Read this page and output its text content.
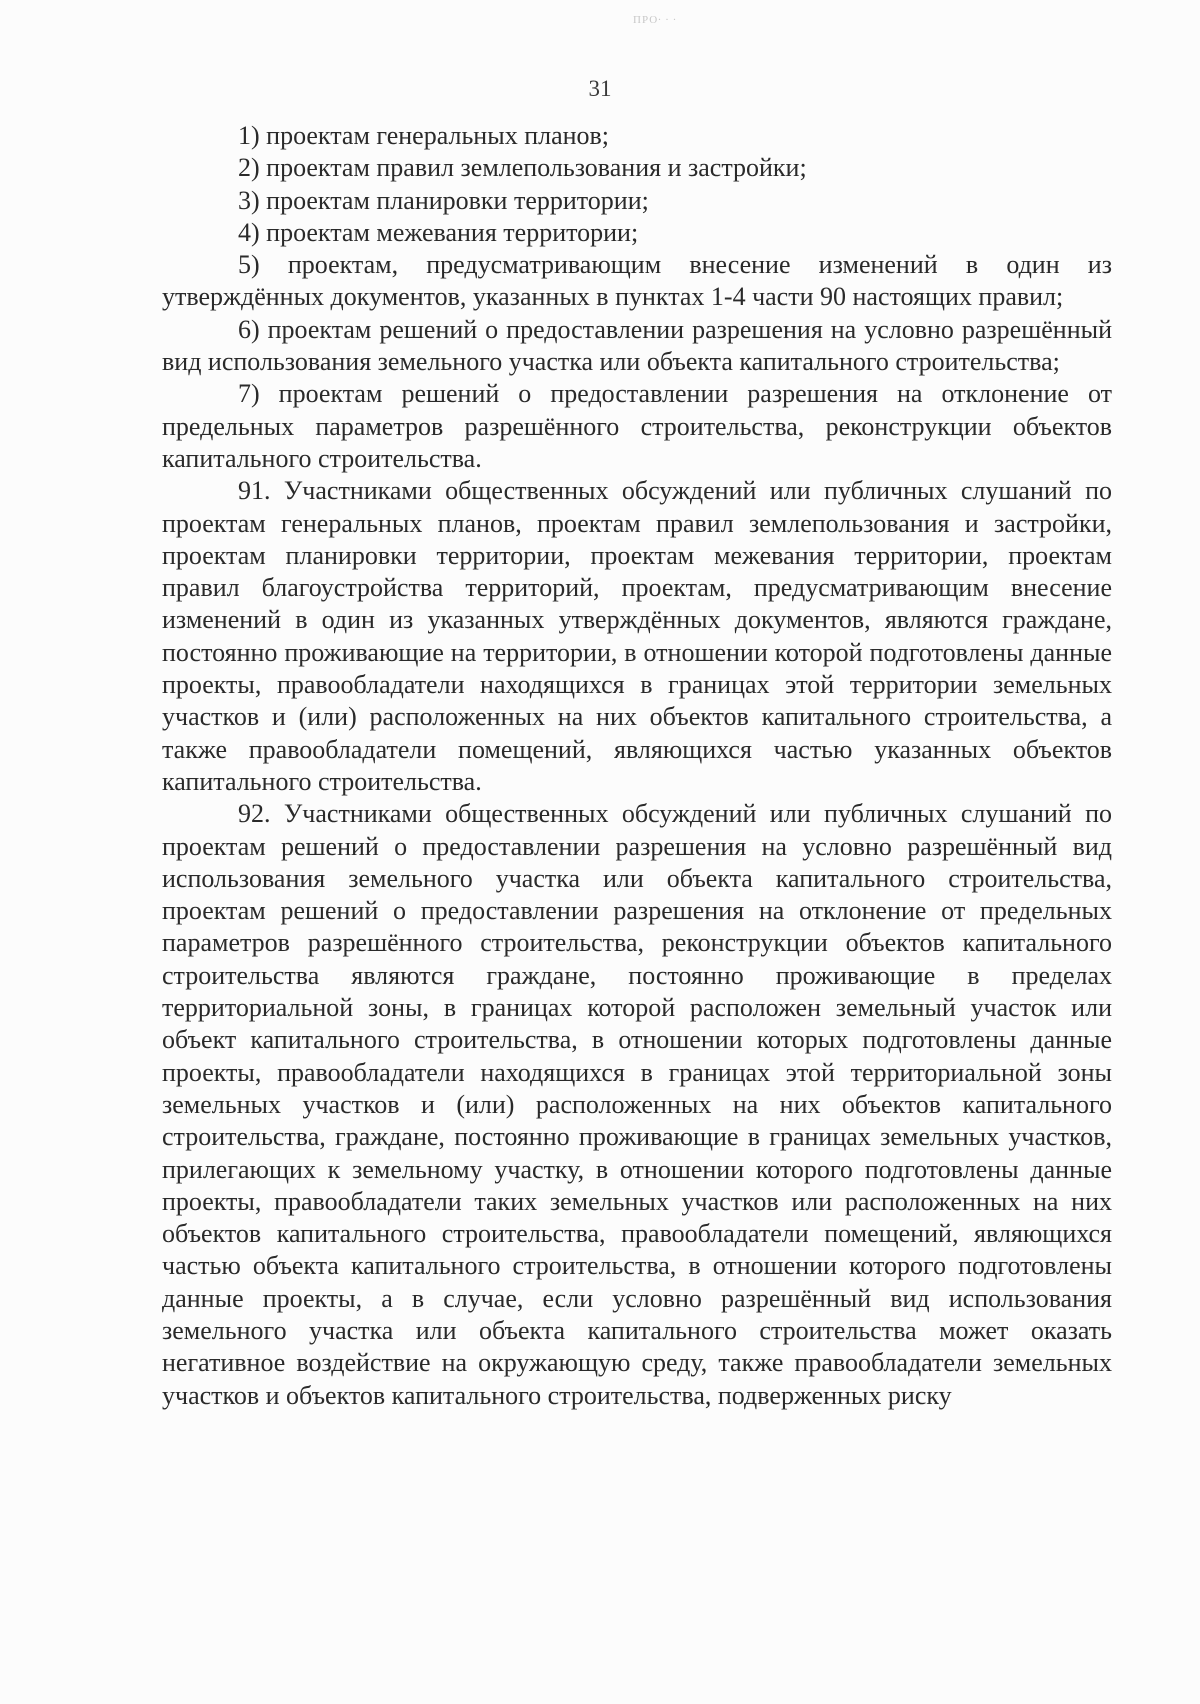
ПРО∙ ∙ ∙
31

1) проектам генеральных планов;

2) проектам правил землепользования и застройки;

3) проектам планировки территории;

4) проектам межевания территории;

5) проектам, предусматривающим внесение изменений в один из утверждённых документов, указанных в пунктах 1-4 части 90 настоящих правил;

6) проектам решений о предоставлении разрешения на условно разрешённый вид использования земельного участка или объекта капитального строительства;

7) проектам решений о предоставлении разрешения на отклонение от предельных параметров разрешённого строительства, реконструкции объектов капитального строительства.

91. Участниками общественных обсуждений или публичных слушаний по проектам генеральных планов, проектам правил землепользования и застройки, проектам планировки территории, проектам межевания территории, проектам правил благоустройства территорий, проектам, предусматривающим внесение изменений в один из указанных утверждённых документов, являются граждане, постоянно проживающие на территории, в отношении которой подготовлены данные проекты, правообладатели находящихся в границах этой территории земельных участков и (или) расположенных на них объектов капитального строительства, а также правообладатели помещений, являющихся частью указанных объектов капитального строительства.

92. Участниками общественных обсуждений или публичных слушаний по проектам решений о предоставлении разрешения на условно разрешённый вид использования земельного участка или объекта капитального строительства, проектам решений о предоставлении разрешения на отклонение от предельных параметров разрешённого строительства, реконструкции объектов капитального строительства являются граждане, постоянно проживающие в пределах территориальной зоны, в границах которой расположен земельный участок или объект капитального строительства, в отношении которых подготовлены данные проекты, правообладатели находящихся в границах этой территориальной зоны земельных участков и (или) расположенных на них объектов капитального строительства, граждане, постоянно проживающие в границах земельных участков, прилегающих к земельному участку, в отношении которого подготовлены данные проекты, правообладатели таких земельных участков или расположенных на них объектов капитального строительства, правообладатели помещений, являющихся частью объекта капитального строительства, в отношении которого подготовлены данные проекты, а в случае, если условно разрешённый вид использования земельного участка или объекта капитального строительства может оказать негативное воздействие на окружающую среду, также правообладатели земельных участков и объектов капитального строительства, подверженных риску
